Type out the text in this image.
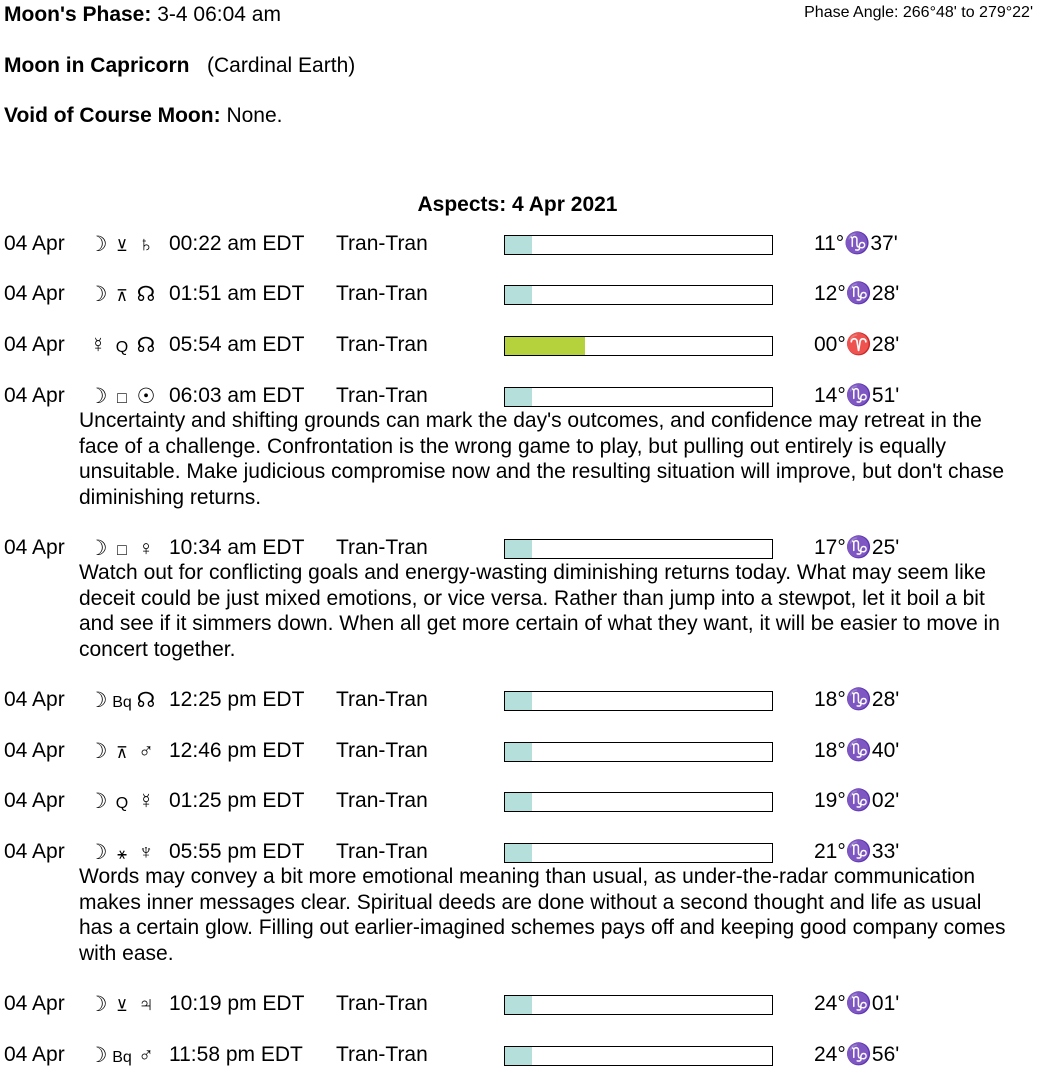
Moon's Phase: 3-4 06:04 am	Phase Angle: 266°48' to 279°22'
Moon in Capricorn (Cardinal Earth)
Void of Course Moon: None.
Aspects: 4 Apr 2021
04 Apr ☽ ⊻ ♄ 00:22 am EDT Tran-Tran	11°♑37'
04 Apr ☽ ⊼ ☊ 01:51 am EDT Tran-Tran	12°♑28'
04 Apr ☿ Q ☊ 05:54 am EDT Tran-Tran	00°♈28'
04 Apr ☽ □ ☉ 06:03 am EDT Tran-Tran	14°♑51'
Uncertainty and shifting grounds can mark the day's outcomes, and confidence may retreat in the face of a challenge. Confrontation is the wrong game to play, but pulling out entirely is equally unsuitable. Make judicious compromise now and the resulting situation will improve, but don't chase diminishing returns.
04 Apr ☽ □ ♀ 10:34 am EDT Tran-Tran	17°♑25'
Watch out for conflicting goals and energy-wasting diminishing returns today. What may seem like deceit could be just mixed emotions, or vice versa. Rather than jump into a stewpot, let it boil a bit and see if it simmers down. When all get more certain of what they want, it will be easier to move in concert together.
04 Apr ☽ Bq ☊ 12:25 pm EDT Tran-Tran	18°♑28'
04 Apr ☽ ⊼ ♂ 12:46 pm EDT Tran-Tran	18°♑40'
04 Apr ☽ Q ☿ 01:25 pm EDT Tran-Tran	19°♑02'
04 Apr ☽ ⚹ ♆ 05:55 pm EDT Tran-Tran	21°♑33'
Words may convey a bit more emotional meaning than usual, as under-the-radar communication makes inner messages clear. Spiritual deeds are done without a second thought and life as usual has a certain glow. Filling out earlier-imagined schemes pays off and keeping good company comes with ease.
04 Apr ☽ ⊻ ♃ 10:19 pm EDT Tran-Tran	24°♑01'
04 Apr ☽ Bq ♂ 11:58 pm EDT Tran-Tran	24°♑56'
